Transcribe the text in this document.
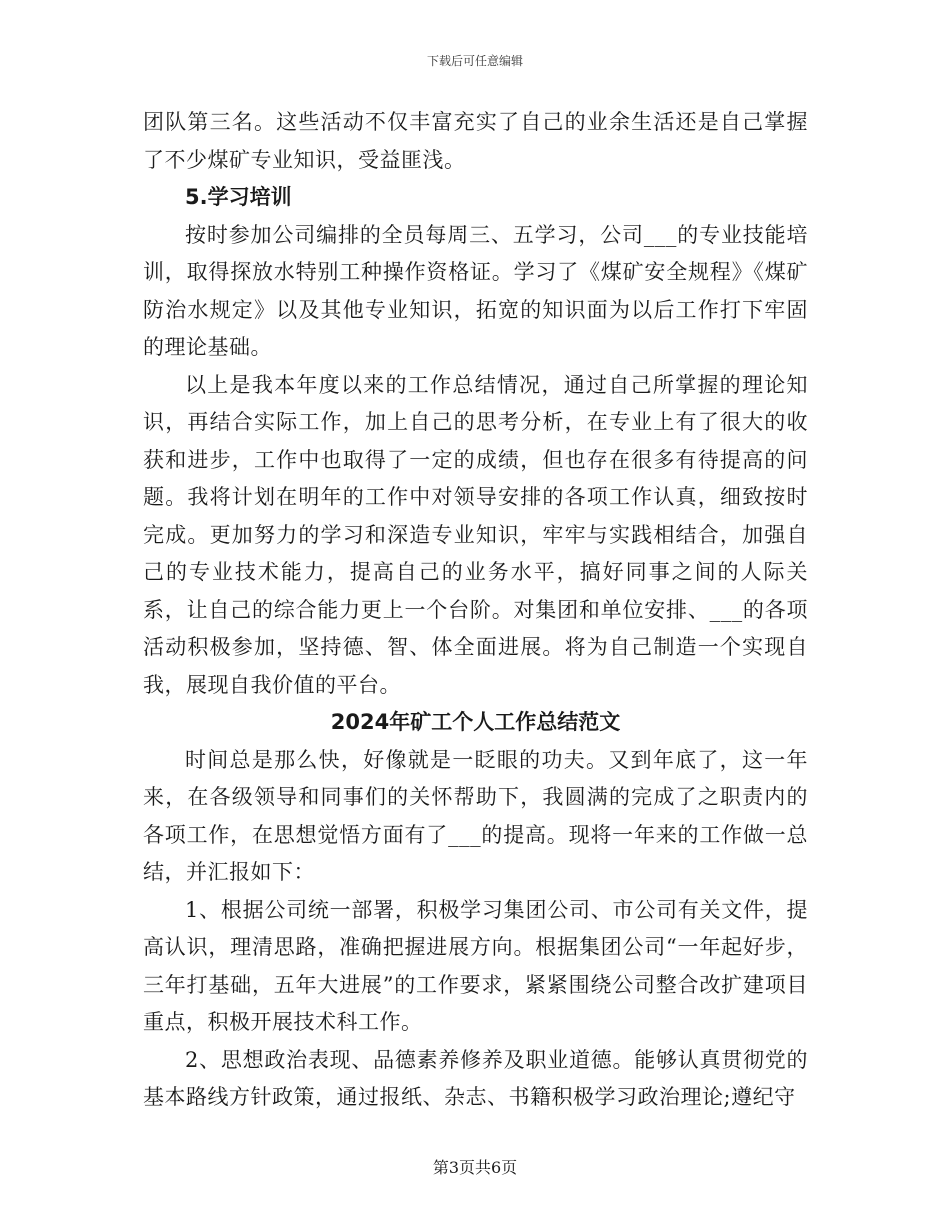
下载后可任意编辑

团队第三名。这些活动不仅丰富充实了自己的业余生活还是自己掌握了不少煤矿专业知识，受益匪浅。

5.学习培训

按时参加公司编排的全员每周三、五学习，公司___的专业技能培训，取得探放水特别工种操作资格证。学习了《煤矿安全规程》《煤矿防治水规定》以及其他专业知识，拓宽的知识面为以后工作打下牢固的理论基础。

以上是我本年度以来的工作总结情况，通过自己所掌握的理论知识，再结合实际工作，加上自己的思考分析，在专业上有了很大的收获和进步，工作中也取得了一定的成绩，但也存在很多有待提高的问题。我将计划在明年的工作中对领导安排的各项工作认真，细致按时完成。更加努力的学习和深造专业知识，牢牢与实践相结合，加强自己的专业技术能力，提高自己的业务水平，搞好同事之间的人际关系，让自己的综合能力更上一个台阶。对集团和单位安排、___的各项活动积极参加，坚持德、智、体全面进展。将为自己制造一个实现自我，展现自我价值的平台。

2024年矿工个人工作总结范文

时间总是那么快，好像就是一眨眼的功夫。又到年底了，这一年来，在各级领导和同事们的关怀帮助下，我圆满的完成了之职责内的各项工作，在思想觉悟方面有了___的提高。现将一年来的工作做一总结，并汇报如下：

1、根据公司统一部署，积极学习集团公司、市公司有关文件，提高认识，理清思路，准确把握进展方向。根据集团公司“一年起好步，三年打基础，五年大进展”的工作要求，紧紧围绕公司整合改扩建项目重点，积极开展技术科工作。

2、思想政治表现、品德素养修养及职业道德。能够认真贯彻党的基本路线方针政策，通过报纸、杂志、书籍积极学习政治理论;遵纪守

第3页共6页
